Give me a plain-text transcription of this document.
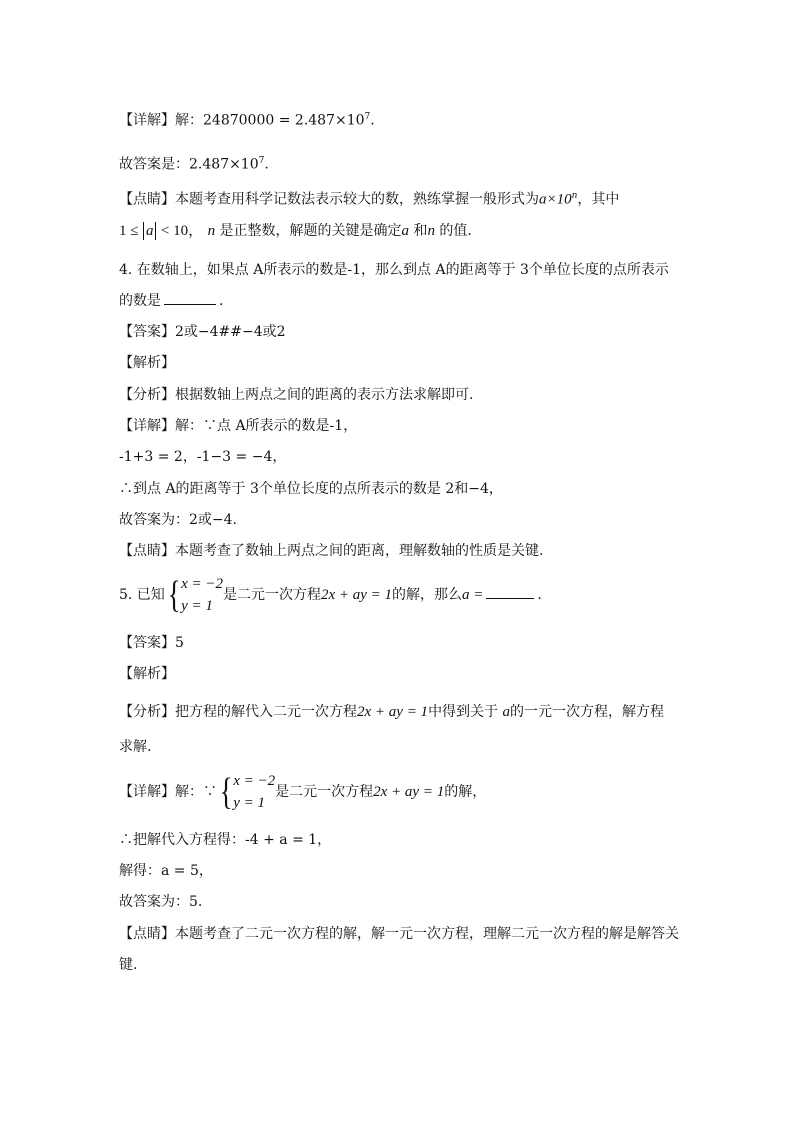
【详解】解：$24870000 = 2.487\times 10^7$.
故答案是：$2.487\times 10^7$.
【点睛】本题考查用科学记数法表示较大的数，熟练掌握一般形式为$a\times 10^n$，其中
1 ≤ a < 10， n 是正整数，解题的关键是确定a 和n 的值.
4. 在数轴上，如果点 A所表示的数是-1，那么到点 A的距离等于 3个单位长度的点所表示
的数是	.
【答案】2或−4##−4或2
【解析】
【分析】根据数轴上两点之间的距离的表示方法求解即可.
【详解】解：∵点 A所表示的数是-1，
-1+3 = 2，-1−3 = −4，
∴到点 A的距离等于 3个单位长度的点所表示的数是 2和−4，
故答案为：2或−4.
【点睛】本题考查了数轴上两点之间的距离，理解数轴的性质是关键.
5. 已知 { x = −2
y = 1
是二元一次方程2x + ay = 1的解，那么a =	.
【答案】5
【解析】
【分析】把方程的解代入二元一次方程2x + ay = 1中得到关于 a的一元一次方程，解方程
求解.
【详解】解：∵ { x = −2
y = 1
是二元一次方程2x + ay = 1的解，
∴把解代入方程得：-4 + a = 1，
解得：a = 5，
故答案为：5.
【点睛】本题考查了二元一次方程的解，解一元一次方程，理解二元一次方程的解是解答关
键.
